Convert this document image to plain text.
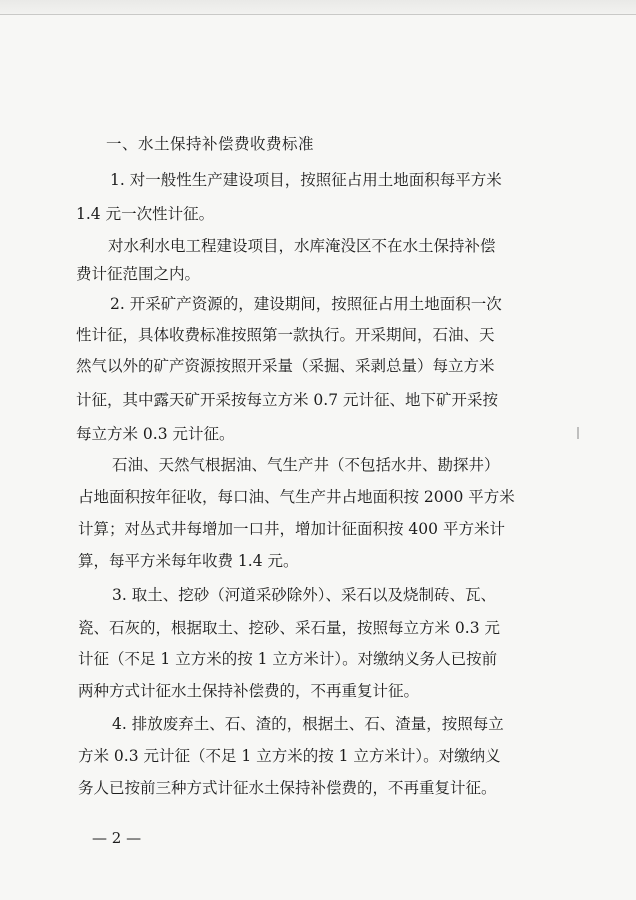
一、水土保持补偿费收费标准
1. 对一般性生产建设项目，按照征占用土地面积每平方米
1.4 元一次性计征。
对水利水电工程建设项目，水库淹没区不在水土保持补偿
费计征范围之内。
2. 开采矿产资源的，建设期间，按照征占用土地面积一次
性计征，具体收费标准按照第一款执行。开采期间，石油、天
然气以外的矿产资源按照开采量（采掘、采剥总量）每立方米
计征，其中露天矿开采按每立方米 0.7 元计征、地下矿开采按
每立方米 0.3 元计征。
石油、天然气根据油、气生产井（不包括水井、勘探井）
占地面积按年征收，每口油、气生产井占地面积按 2000 平方米
计算；对丛式井每增加一口井，增加计征面积按 400 平方米计
算，每平方米每年收费 1.4 元。
3. 取土、挖砂（河道采砂除外）、采石以及烧制砖、瓦、
瓷、石灰的，根据取土、挖砂、采石量，按照每立方米 0.3 元
计征（不足 1 立方米的按 1 立方米计）。对缴纳义务人已按前
两种方式计征水土保持补偿费的，不再重复计征。
4. 排放废弃土、石、渣的，根据土、石、渣量，按照每立
方米 0.3 元计征（不足 1 立方米的按 1 立方米计）。对缴纳义
务人已按前三种方式计征水土保持补偿费的，不再重复计征。
— 2 —
